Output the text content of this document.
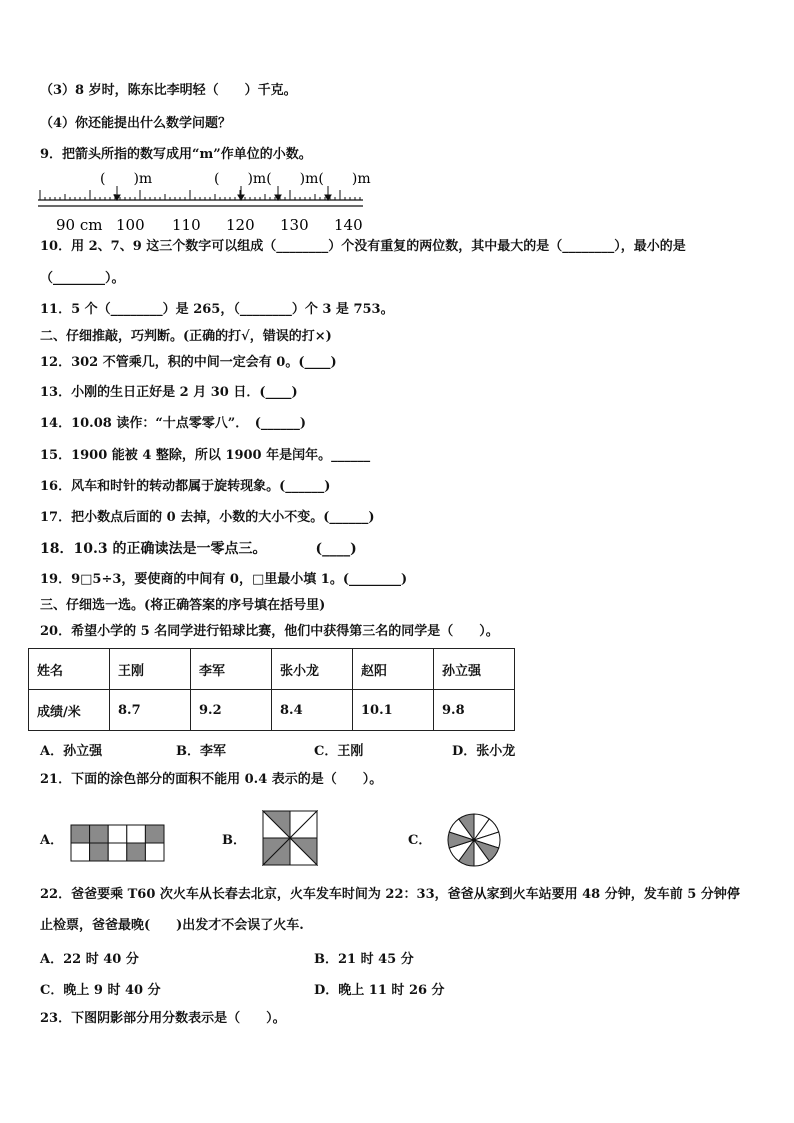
（3）8 岁时，陈东比李明轻（　　）千克。
（4）你还能提出什么数学问题？
9．把箭头所指的数写成用“m”作单位的小数。
(　　)m	(　　)m(　　)m(　　)m
90 cm 100 110 120 130 140
10．用 2、7、9 这三个数字可以组成（________）个没有重复的两位数，其中最大的是（________），最小的是
（________）。
11．5 个（________）是 265，（________）个 3 是 753。
二、仔细推敲，巧判断。(正确的打√，错误的打×)
12．302 不管乘几，积的中间一定会有 0。(____)
13．小刚的生日正好是 2 月 30 日．(____)
14．10.08 读作：“十点零零八”．　(______)
15．1900 能被 4 整除，所以 1900 年是闰年。______
16．风车和时针的转动都属于旋转现象。(______)
17．把小数点后面的 0 去掉，小数的大小不变。(______)
18．10.3 的正确读法是一零点三。　　　　(____)
19．9□5÷3，要使商的中间有 0，□里最小填 1。(________)
三、仔细选一选。(将正确答案的序号填在括号里)
20．希望小学的 5 名同学进行铅球比赛，他们中获得第三名的同学是（　　）。
姓名	王刚	李军	张小龙	赵阳	孙立强
成绩/米	8.7	9.2	8.4	10.1	9.8
A．孙立强	B．李军	C．王刚	D．张小龙
21．下面的涂色部分的面积不能用 0.4 表示的是（　　）。
A．	B．	C．
22．爸爸要乘 T60 次火车从长春去北京，火车发车时间为 22：33，爸爸从家到火车站要用 48 分钟，发车前 5 分钟停
止检票，爸爸最晚(　　)出发才不会误了火车.
A．22 时 40 分	B．21 时 45 分
C．晚上 9 时 40 分	D．晚上 11 时 26 分
23．下图阴影部分用分数表示是（　　）。
